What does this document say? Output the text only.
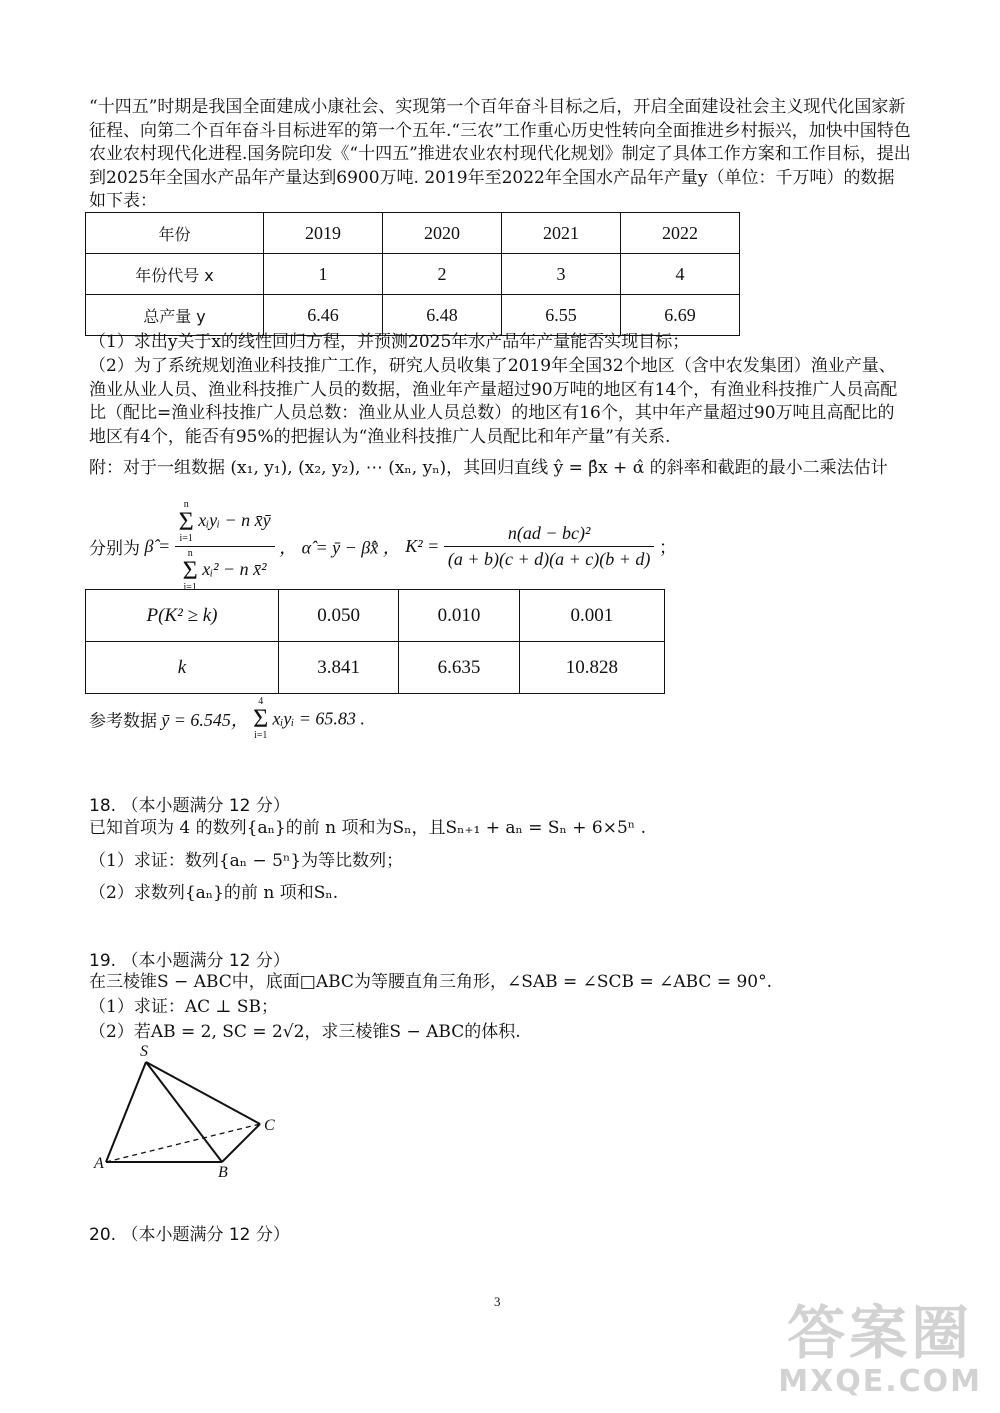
“十四五”时期是我国全面建成小康社会、实现第一个百年奋斗目标之后，开启全面建设社会主义现代化国家新征程、向第二个百年奋斗目标进军的第一个五年.“三农”工作重心历史性转向全面推进乡村振兴，加快中国特色农业农村现代化进程.国务院印发《“十四五”推进农业农村现代化规划》制定了具体工作方案和工作目标，提出到2025年全国水产品年产量达到6900万吨. 2019年至2022年全国水产品年产量y（单位：千万吨）的数据如下表：

年份	2019	2020	2021	2022
年份代号 x	1	2	3	4
总产量 y	6.46	6.48	6.55	6.69

（1）求出y关于x的线性回归方程，并预测2025年水产品年产量能否实现目标；

（2）为了系统规划渔业科技推广工作，研究人员收集了2019年全国32个地区（含中农发集团）渔业产量、渔业从业人员、渔业科技推广人员的数据，渔业年产量超过90万吨的地区有14个，有渔业科技推广人员高配比（配比=渔业科技推广人员总数：渔业从业人员总数）的地区有16个，其中年产量超过90万吨且高配比的地区有4个，能否有95%的把握认为“渔业科技推广人员配比和年产量”有关系.

附：对于一组数据 (x₁, y₁), (x₂, y₂), ⋯ (xₙ, yₙ)，其回归直线 ŷ = β̂x + α̂ 的斜率和截距的最小二乘法估计

分别为 β̂ = n
Σ
i=1 xᵢyᵢ − n x̄ȳ
n
Σ
i=1 xᵢ² − n x̄² ， α̂ = ȳ − β̂x̄ ， $K^2 = \frac{\text{n(ad − bc)²}}{(a + b)(c + d)(a + c)(b + d)}$ ；
P(K² ≥ k)	0.050	0.010	0.001
k	3.841	6.635	10.828
参考数据 ȳ = 6.545， 4
Σ
i=1 xᵢyᵢ = 65.83 .
18. （本小题满分 12 分）

已知首项为 4 的数列{aₙ}的前 n 项和为Sₙ，且Sₙ₊₁ + aₙ = Sₙ + 6×5ⁿ .

（1）求证：数列{aₙ − 5ⁿ}为等比数列；

（2）求数列{aₙ}的前 n 项和Sₙ.

19. （本小题满分 12 分）

在三棱锥S − ABC中，底面□ABC为等腰直角三角形，∠SAB = ∠SCB = ∠ABC = 90°.

（1）求证：AC ⊥ SB；

（2）若AB = 2, SC = 2√2，求三棱锥S − ABC的体积.

S
A
B
C
20. （本小题满分 12 分）
3	答案圈
MXQE.COM
